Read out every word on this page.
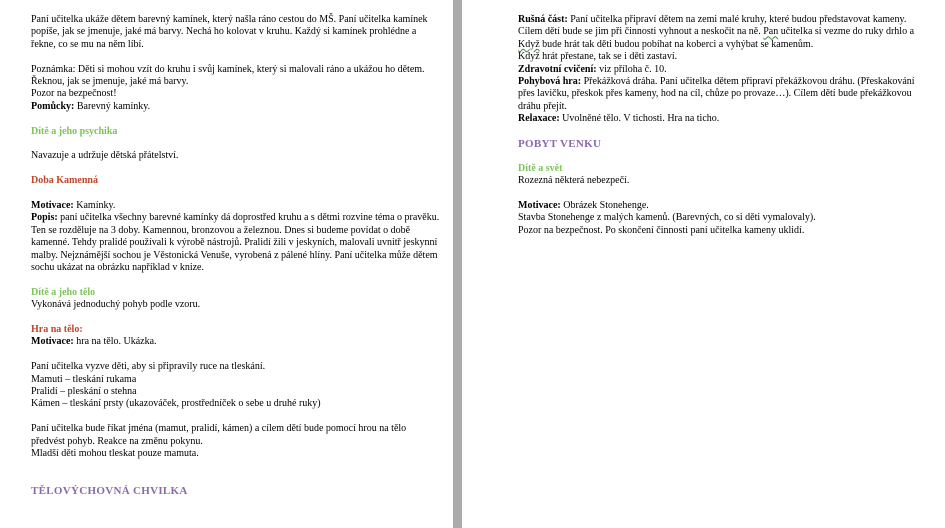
Paní učitelka ukáže dětem barevný kamínek, který našla ráno cestou do MŠ. Paní učitelka kamínek popíše, jak se jmenuje, jaké má barvy. Nechá ho kolovat v kruhu. Každý si kamínek prohlédne a řekne, co se mu na něm líbí.

Poznámka: Děti si mohou vzít do kruhu i svůj kamínek, který si malovali ráno a ukážou ho dětem. Řeknou, jak se jmenuje, jaké má barvy.

Pozor na bezpečnost!

Pomůcky: Barevný kamínky.

Dítě a jeho psychika

Navazuje a udržuje dětská přátelství.

Doba Kamenná

Motivace: Kamínky.

Popis: paní učitelka všechny barevné kamínky dá doprostřed kruhu a s dětmi rozvine téma o pravěku. Ten se rozděluje na 3 doby. Kamennou, bronzovou a železnou. Dnes si budeme povídat o době kamenné. Tehdy pralidé používali k výrobě nástrojů. Pralidí žili v jeskyních, malovali uvnitř jeskynní malby. Nejznámější sochou je Věstonická Venuše, vyrobená z pálené hlíny. Paní učitelka může dětem sochu ukázat na obrázku například v knize.

Dítě a jeho tělo

Vykonává jednoduchý pohyb podle vzoru.

Hra na tělo:

Motivace: hra na tělo. Ukázka.

Paní učitelka vyzve děti, aby si připravily ruce na tleskání.

Mamuti – tleskání rukama

Pralidí – pleskání o stehna

Kámen – tleskání prsty (ukazováček, prostředníček o sebe u druhé ruky)

Paní učitelka bude říkat jména (mamut, pralidí, kámen) a cílem dětí bude pomocí hrou na tělo předvést pohyb. Reakce na změnu pokynu.

Mladší děti mohou tleskat pouze mamuta.

TĚLOVÝCHOVNÁ CHVILKA

Rušná část: Paní učitelka připraví dětem na zemi malé kruhy, které budou představovat kameny. Cílem dětí bude se jim při činnosti vyhnout a neskočit na ně. Pan učitelka si vezme do ruky drhlo a Když bude hrát tak děti budou pobíhat na koberci a vyhýbat se kamenům.

Když hrát přestane, tak se i děti zastaví.

Zdravotní cvičení: viz příloha č. 10.

Pohybová hra: Překážková dráha. Paní učitelka dětem připraví překážkovou dráhu. (Přeskakování přes lavičku, přeskok přes kameny, hod na cíl, chůze po provaze…). Cílem dětí bude překážkovou dráhu přejít.

Relaxace: Uvolněné tělo. V tichosti. Hra na ticho.

POBYT VENKU

Dítě a svět

Rozezná některá nebezpečí.

Motivace: Obrázek Stonehenge.

Stavba Stonehenge z malých kamenů. (Barevných, co si děti vymalovaly).

Pozor na bezpečnost. Po skončení činnosti paní učitelka kameny uklidí.
